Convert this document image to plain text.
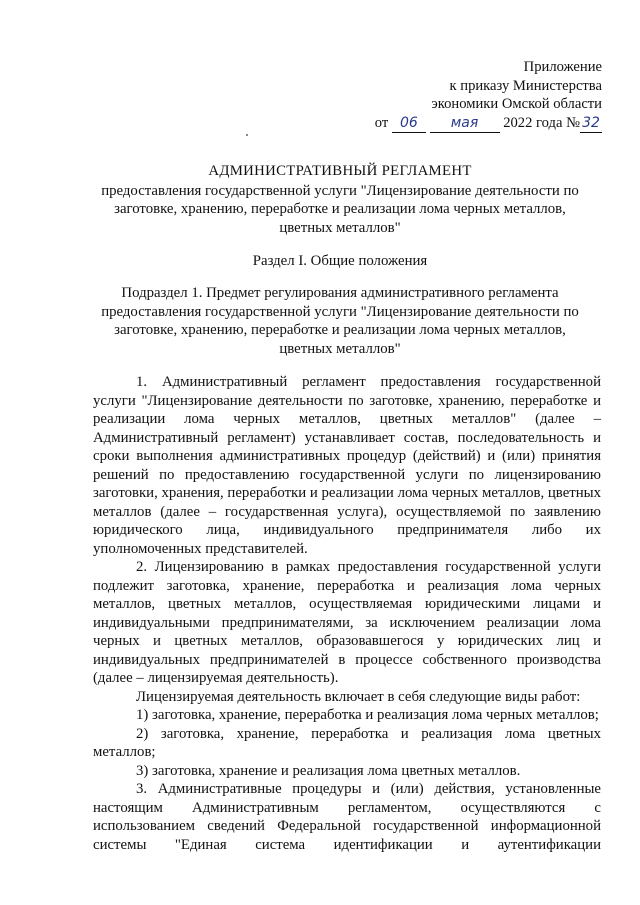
Приложение
к приказу Министерства
экономики Омской области
от 06 мая 2022 года № 32
АДМИНИСТРАТИВНЫЙ РЕГЛАМЕНТ
предоставления государственной услуги "Лицензирование деятельности по заготовке, хранению, переработке и реализации лома черных металлов, цветных металлов"
Раздел I. Общие положения
Подраздел 1. Предмет регулирования административного регламента предоставления государственной услуги "Лицензирование деятельности по заготовке, хранению, переработке и реализации лома черных металлов, цветных металлов"

1. Административный регламент предоставления государственной услуги "Лицензирование деятельности по заготовке, хранению, переработке и реализации лома черных металлов, цветных металлов" (далее – Административный регламент) устанавливает состав, последовательность и сроки выполнения административных процедур (действий) и (или) принятия решений по предоставлению государственной услуги по лицензированию заготовки, хранения, переработки и реализации лома черных металлов, цветных металлов (далее – государственная услуга), осуществляемой по заявлению юридического лица, индивидуального предпринимателя либо их уполномоченных представителей.

2. Лицензированию в рамках предоставления государственной услуги подлежит заготовка, хранение, переработка и реализация лома черных металлов, цветных металлов, осуществляемая юридическими лицами и индивидуальными предпринимателями, за исключением реализации лома черных и цветных металлов, образовавшегося у юридических лиц и индивидуальных предпринимателей в процессе собственного производства (далее – лицензируемая деятельность).

Лицензируемая деятельность включает в себя следующие виды работ:

1) заготовка, хранение, переработка и реализация лома черных металлов;

2) заготовка, хранение, переработка и реализация лома цветных металлов;

3) заготовка, хранение и реализация лома цветных металлов.

3. Административные процедуры и (или) действия, установленные настоящим Административным регламентом, осуществляются с использованием сведений Федеральной государственной информационной системы "Единая система идентификации и аутентификации
